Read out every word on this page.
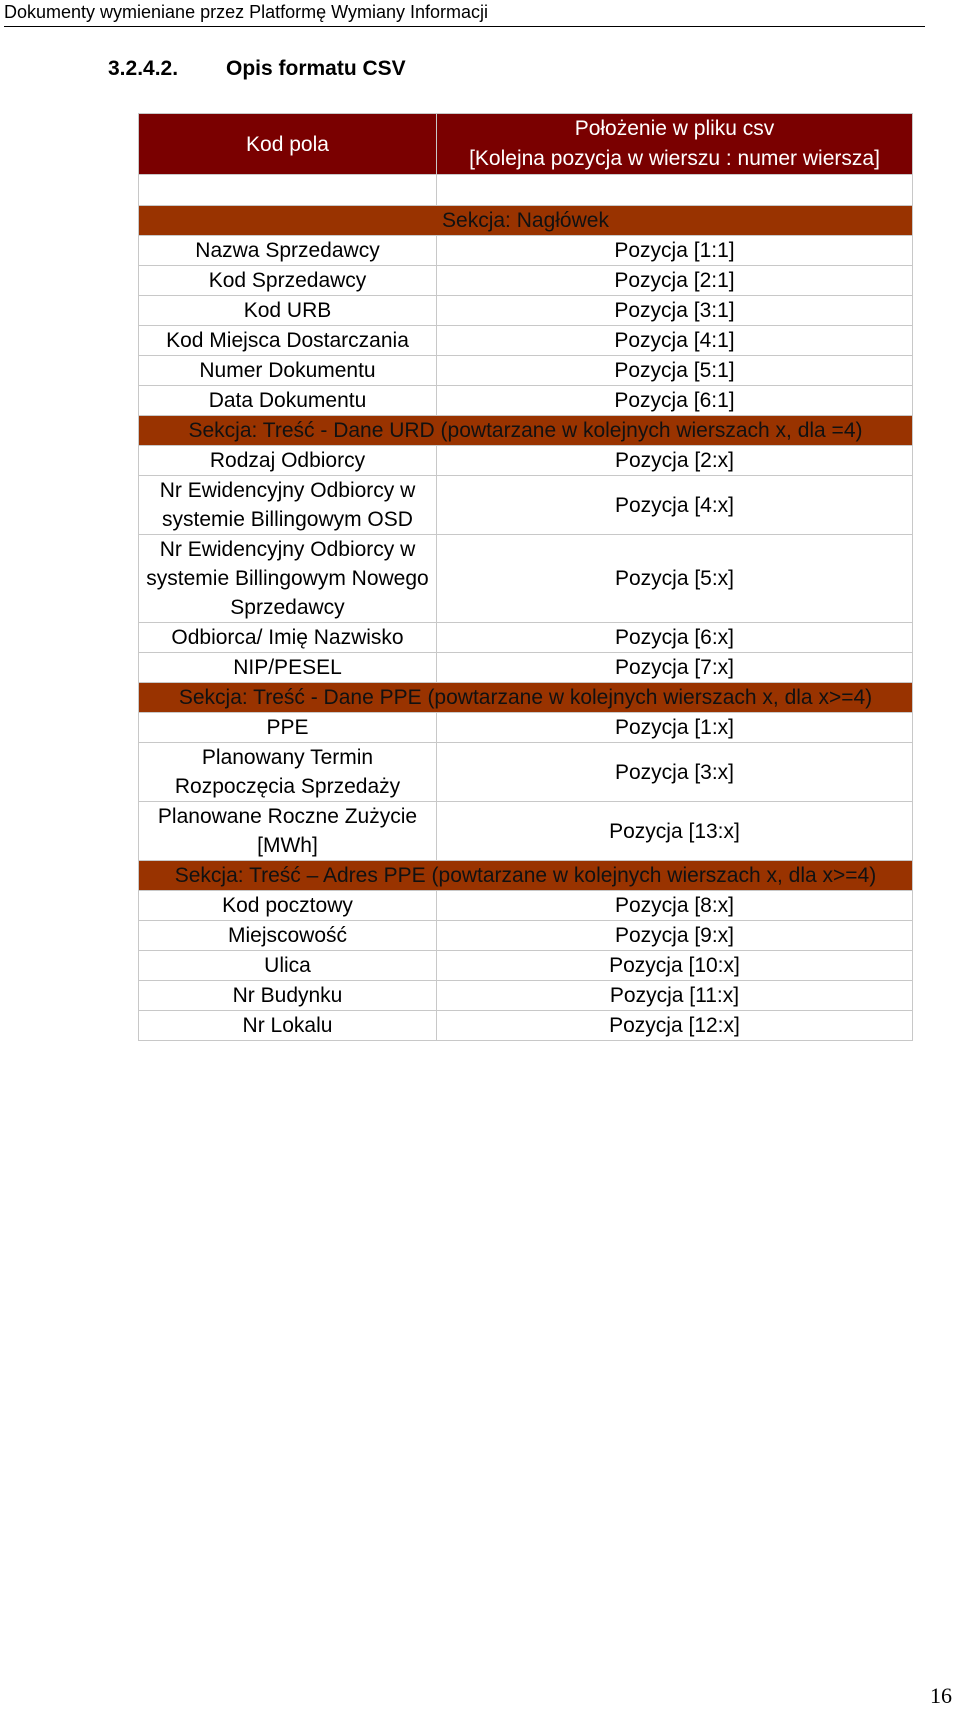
Dokumenty wymieniane przez Platformę Wymiany Informacji
3.2.4.2. Opis formatu CSV
Kod pola	Położenie w pliku csv
[Kolejna pozycja w wierszu : numer wiersza]

Sekcja: Nagłówek	
Nazwa Sprzedawcy	Pozycja [1:1]
Kod Sprzedawcy	Pozycja [2:1]
Kod URB	Pozycja [3:1]
Kod Miejsca Dostarczania	Pozycja [4:1]
Numer Dokumentu	Pozycja [5:1]
Data Dokumentu	Pozycja [6:1]
Sekcja: Treść - Dane URD (powtarzane w kolejnych wierszach x, dla =4)	
Rodzaj Odbiorcy	Pozycja [2:x]
Nr Ewidencyjny Odbiorcy w systemie Billingowym OSD	Pozycja [4:x]
Nr Ewidencyjny Odbiorcy w systemie Billingowym Nowego Sprzedawcy	Pozycja [5:x]
Odbiorca/ Imię Nazwisko	Pozycja [6:x]
NIP/PESEL	Pozycja [7:x]
Sekcja: Treść - Dane PPE (powtarzane w kolejnych wierszach x, dla x>=4)	
PPE	Pozycja [1:x]
Planowany Termin Rozpoczęcia Sprzedaży	Pozycja [3:x]
Planowane Roczne Zużycie [MWh]	Pozycja [13:x]
Sekcja: Treść – Adres PPE (powtarzane w kolejnych wierszach x, dla x>=4)	
Kod pocztowy	Pozycja [8:x]
Miejscowość	Pozycja [9:x]
Ulica	Pozycja [10:x]
Nr Budynku	Pozycja [11:x]
Nr Lokalu	Pozycja [12:x]
16
